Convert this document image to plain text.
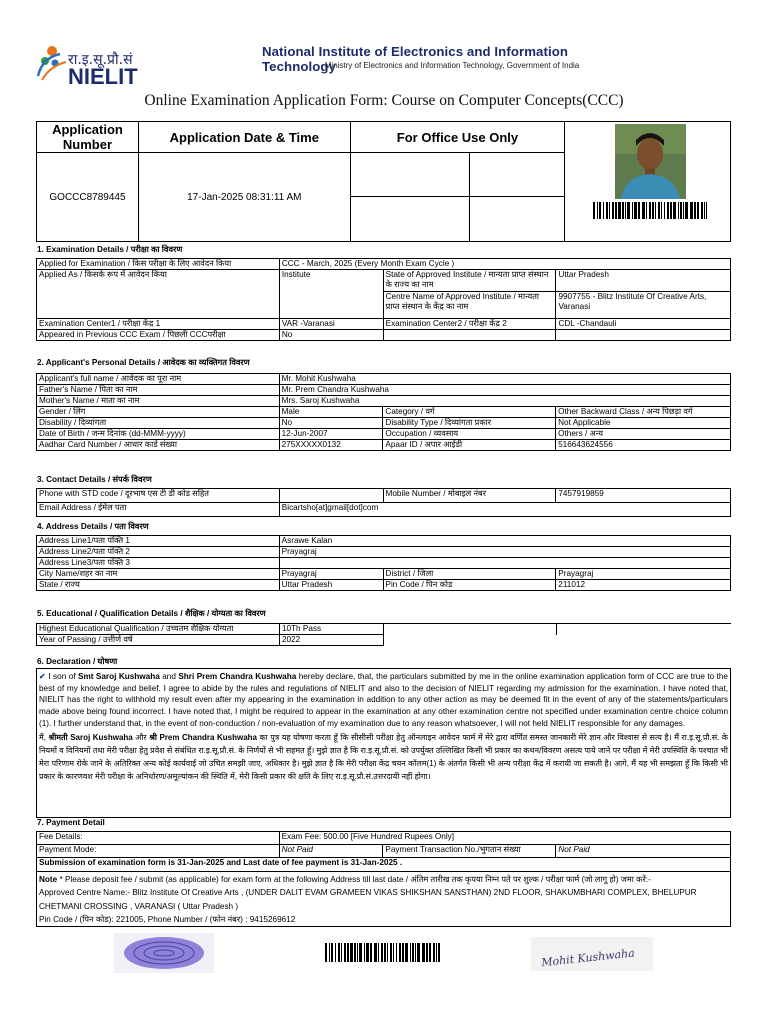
रा.इ.सू.प्रौ.सं
NIELIT
National Institute of Electronics and Information Technology
Ministry of Electronics and Information Technology, Government of India
Online Examination Application Form: Course on Computer Concepts(CCC)
Application Number	Application Date & Time	For Office Use Only	

GOCCC8789445	17-Jan-2025 08:31:11 AM		

1. Examination Details / परीक्षा का विवरण
Applied for Examination / किस परीक्षा के लिए आवेदन किया	CCC - March, 2025 (Every Month Exam Cycle )		
Applied As / किसके रूप में आवेदन किया	Institute	State of Approved Institute / मान्यता प्राप्त संस्थान के राज्य का नाम	Uttar Pradesh
		Centre Name of Approved Institute / मान्यता प्राप्त संस्थान के केंद्र का नाम	9907755 - Blitz Institute Of Creative Arts, Varanasi
Examination Center1 / परीक्षा केंद्र 1	VAR -Varanasi	Examination Center2 / परीक्षा केंद्र 2	CDL -Chandauli
Appeared in Previous CCC Exam / पिछली CCCपरीक्षा	No		
2. Applicant's Personal Details / आवेदक का व्यक्तिगत विवरण
Applicant's full name / आवेदक का पूरा नाम	Mr. Mohit Kushwaha		
Father's Name / पिता का नाम	Mr. Prem Chandra Kushwaha		
Mother's Name / माता का नाम	Mrs. Saroj Kushwaha		
Gender / लिंग	Male	Category / वर्ग	Other Backward Class / अन्य पिछड़ा वर्ग
Disability / दिव्यांगता	No	Disability Type / दिव्यांगता प्रकार	Not Applicable
Date of Birth / जन्म दिनांक (dd-MMM-yyyy)	12-Jun-2007	Occupation / व्यवसाय	Others / अन्य
Aadhar Card Number / आधार कार्ड संख्या	275XXXXX0132	Apaar ID / अपार आईडी	516643624556
3. Contact Details / संपर्क विवरण
Phone with STD code / दूरभाष एस टी डी कोड सहित		Mobile Number / मोबाइल नंबर	7457919859
Email Address / ईमेल पता	Bicartsho[at]gmail[dot]com		
4. Address Details / पता विवरण
Address Line1/पता पंक्ति 1	Asrawe Kalan		
Address Line2/पता पंक्ति 2	Prayagraj		
Address Line3/पता पंक्ति 3			
City Name/शहर का नाम	Prayagraj	District / जिला	Prayagraj
State / राज्य	Uttar Pradesh	Pin Code / पिन कोड	211012
5. Educational / Qualification Details / शैक्षिक / योग्यता का विवरण
Highest Educational Qualification / उच्चतम शैक्षिक योग्यता	10Th Pass		
Year of Passing / उत्तीर्ण वर्ष	2022		
6. Declaration / घोषणा
✔ I son of Smt Saroj Kushwaha and Shri Prem Chandra Kushwaha hereby declare, that, the particulars submitted by me in the online examination application form of CCC are true to the best of my knowledge and belief. I agree to abide by the rules and regulations of NIELIT and also to the decision of NIELIT regarding my admission for the examination. I have noted that, NIELIT has the right to withhold my result even after my appearing in the examination in addition to any other action as may be deemed fit in the event of any of the statements/particulars made above being found incorrect. I have noted that, I might be required to appear in the examination at any other examination centre not specified under examination centre choice column (1). I further understand that, in the event of non-conduction / non-evaluation of my examination due to any reason whatsoever, I will not held NIELIT responsible for any damages.
मैं, श्रीमती Saroj Kushwaha और श्री Prem Chandra Kushwaha का पुत्र यह घोषणा करता हूँ कि सीसीसी परीक्षा हेतु ऑनलाइन आवेदन फार्म में मेरे द्वारा वर्णित समस्त जानकारी मेरे ज्ञान और विश्वास से सत्य है। मैं रा.इ.सू.प्रौ.सं. के नियमों व विनियमों तथा मेरी परीक्षा हेतु प्रवेश से संबंधित रा.इ.सू.प्रौ.सं. के निर्णयों से भी सहमत हूँ। मुझे ज्ञात है कि रा.इ.सू.प्रौ.सं. को उपर्युक्त उल्लिखित किसी भी प्रकार का कथन/विवरण असत्य पाये जाने पर परीक्षा में मेरी उपस्थिति के पश्चात भी मेरा परिणाम रोके जाने के अतिरिक्त अन्य कोई कार्यवाई जो उचित समझी जाए, अधिकार है। मुझे ज्ञात है कि मेरी परीक्षा केंद्र चयन कॉलम(1) के अंतर्गत किसी भी अन्य परीक्षा केंद्र में करायी जा सकती है। आगे, मैं यह भी समझता हूँ कि किसी भी प्रकार के कारणवश मेरी परीक्षा के अनिर्धारण/अमूल्यांकन की स्थिति में, मेरी किसी प्रकार की क्षति के लिए रा.इ.सू.प्रौ.सं.उत्तरदायी नहीं होगा।
7. Payment Detail
Fee Details:	Exam Fee: 500.00 [Five Hundred Rupees Only]		
Payment Mode:	Not Paid	Payment Transaction No./भुगतान संख्या	Not Paid
Submission of examination form is 31-Jan-2025 and Last date of fee payment is 31-Jan-2025 .			
Note * Please deposit fee / submit (as applicable) for exam form at the following Address till last date / अंतिम तारीख तक कृपया निम्न पते पर शुल्क / परीक्षा फार्म (जो लागू हो) जमा करें:-
Approved Centre Name:- Blitz Institute Of Creative Arts , (UNDER DALIT EVAM GRAMEEN VIKAS SHIKSHAN SANSTHAN) 2ND FLOOR, SHAKUMBHARI COMPLEX, BHELUPUR CHETMANI CROSSING , VARANASI ( Uttar Pradesh )
Pin Code / (पिन कोड): 221005, Phone Number / (फोन नंबर) : 9415269612
Mohit Kushwaha
